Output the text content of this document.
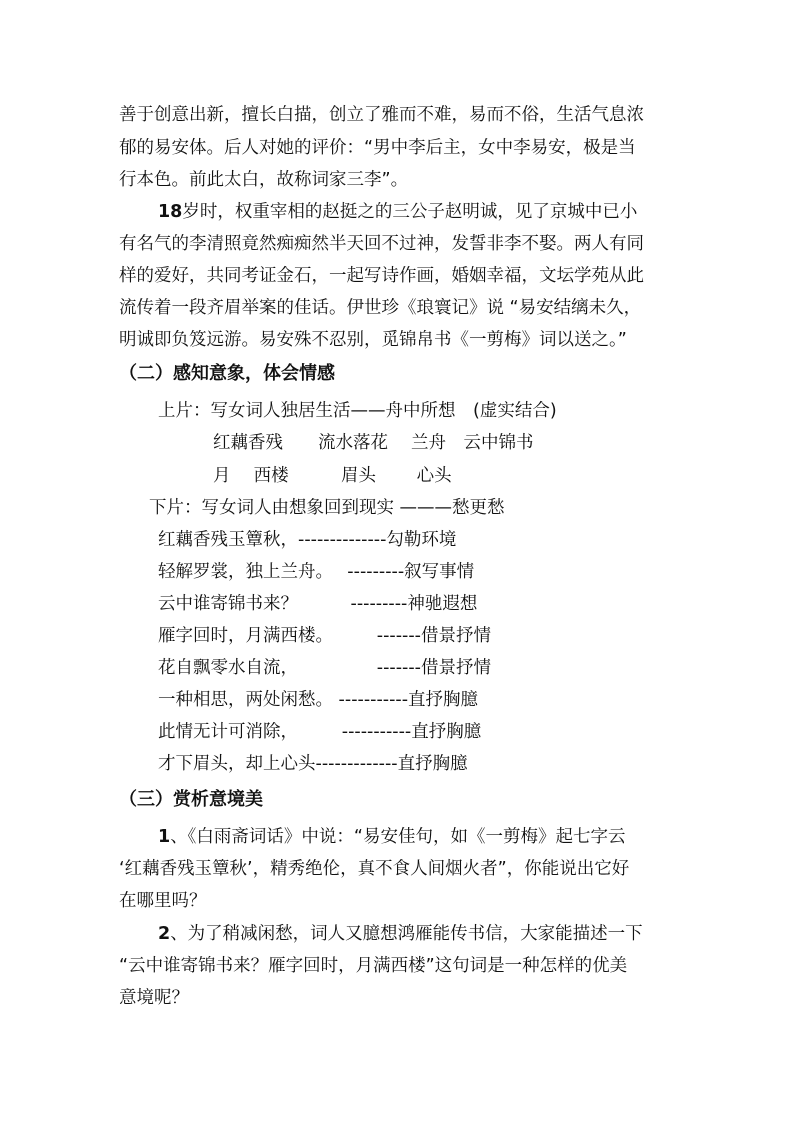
善于创意出新，擅长白描，创立了雅而不难，易而不俗，生活气息浓
郁的易安体。后人对她的评价：“男中李后主，女中李易安，极是当
行本色。前此太白，故称词家三李”。
18岁时，权重宰相的赵挺之的三公子赵明诚，见了京城中已小
有名气的李清照竟然痴痴然半天回不过神，发誓非李不娶。两人有同
样的爱好，共同考证金石，一起写诗作画，婚姻幸福，文坛学苑从此
流传着一段齐眉举案的佳话。伊世珍《琅寰记》说 “易安结缡未久，
明诚即负笈远游。易安殊不忍别，觅锦帛书《一剪梅》词以送之。”
（二）感知意象，体会情感
上片：写女词人独居生活——舟中所想　(虚实结合)
红藕香残　　流水落花　 兰舟　云中锦书
月　 西楼　　　眉头　　 心头
下片：写女词人由想象回到现实 ———愁更愁
红藕香残玉簟秋，--------------勾勒环境
轻解罗裳，独上兰舟。　 ---------叙写事情
云中谁寄锦书来？　　　---------神驰遐想
雁字回时，月满西楼。　　　-------借景抒情
花自飘零水自流，　　　　　-------借景抒情
一种相思，两处闲愁。 -----------直抒胸臆
此情无计可消除，　　　-----------直抒胸臆
才下眉头，却上心头-------------直抒胸臆
（三）赏析意境美
1、《白雨斋词话》中说：“易安佳句，如《一剪梅》起七字云
‘红藕香残玉簟秋’，精秀绝伦，真不食人间烟火者”，你能说出它好
在哪里吗？
2、为了稍减闲愁，词人又臆想鸿雁能传书信，大家能描述一下
“云中谁寄锦书来？雁字回时，月满西楼”这句词是一种怎样的优美
意境呢？
